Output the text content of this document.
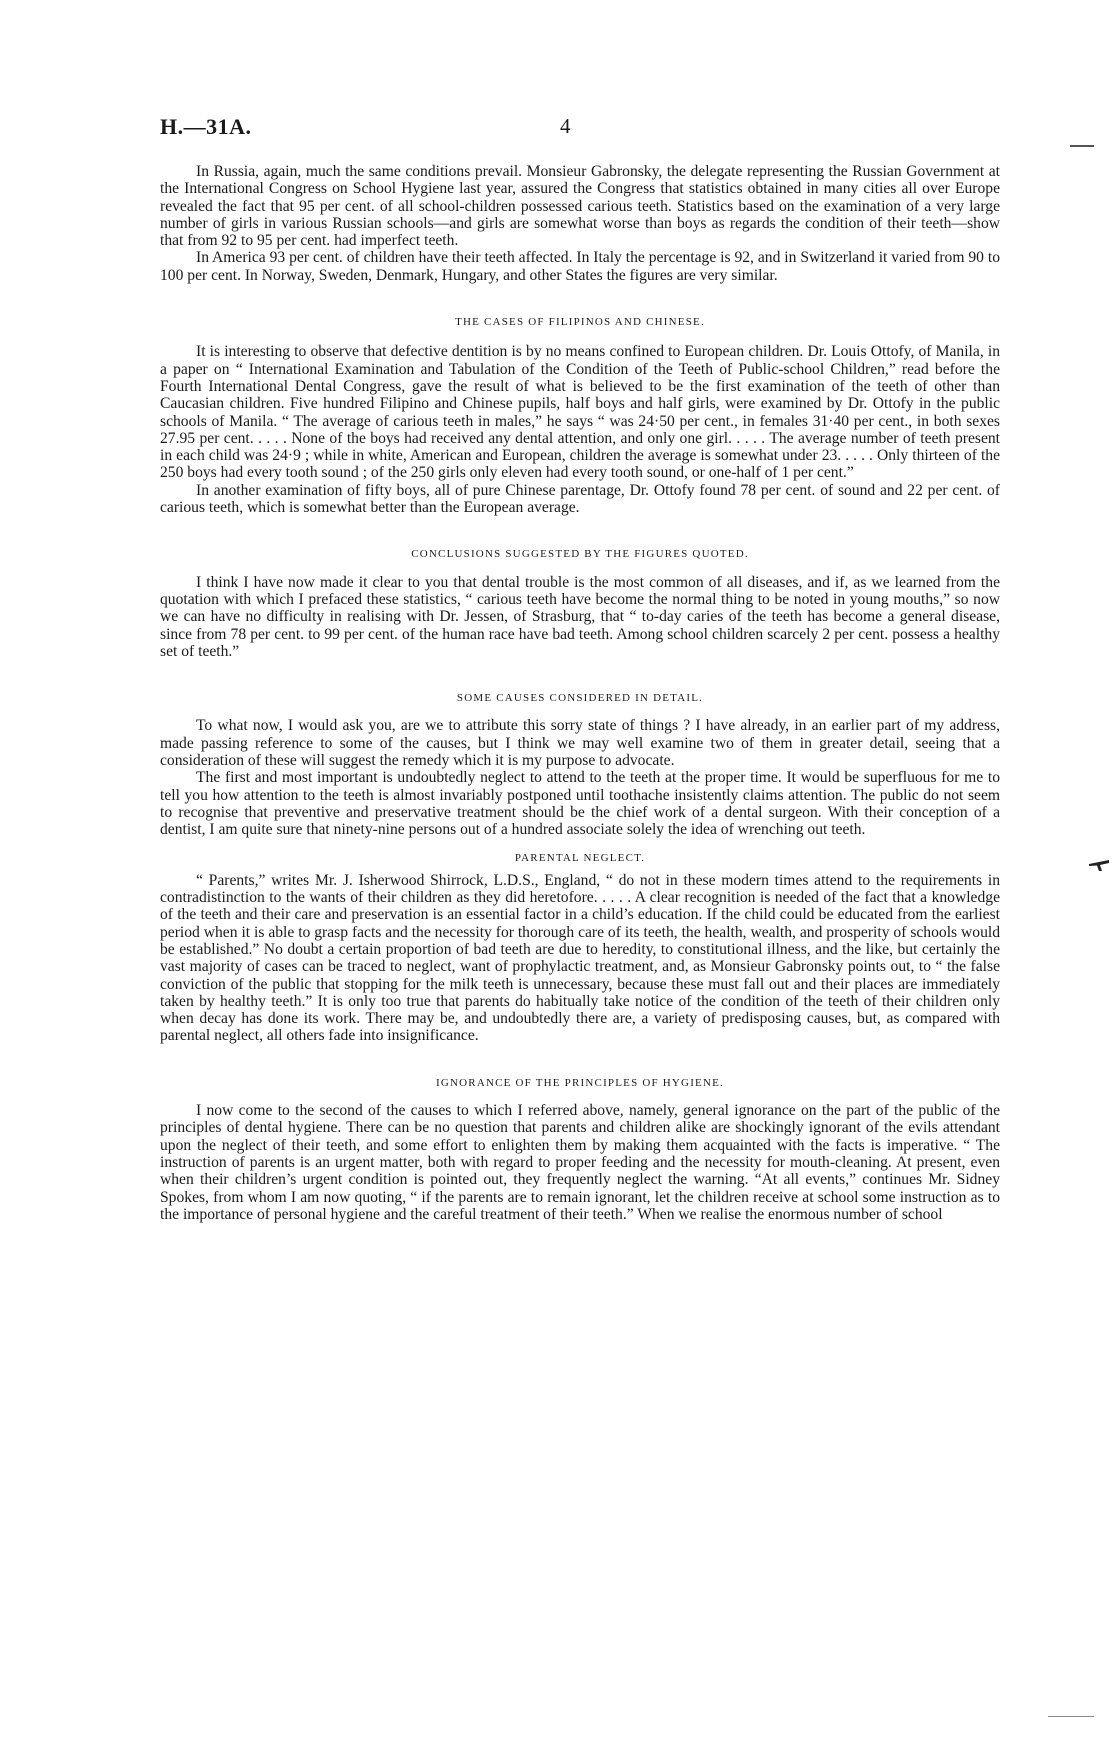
H.—31A.	4

In Russia, again, much the same conditions prevail. Monsieur Gabronsky, the delegate representing the Russian Government at the International Congress on School Hygiene last year, assured the Congress that statistics obtained in many cities all over Europe revealed the fact that 95 per cent. of all school-children possessed carious teeth. Statistics based on the examination of a very large number of girls in various Russian schools—and girls are somewhat worse than boys as regards the condition of their teeth—show that from 92 to 95 per cent. had imperfect teeth.

In America 93 per cent. of children have their teeth affected. In Italy the percentage is 92, and in Switzerland it varied from 90 to 100 per cent. In Norway, Sweden, Denmark, Hungary, and other States the figures are very similar.

THE CASES OF FILIPINOS AND CHINESE.

It is interesting to observe that defective dentition is by no means confined to European children. Dr. Louis Ottofy, of Manila, in a paper on “ International Examination and Tabulation of the Condition of the Teeth of Public-school Children,” read before the Fourth International Dental Congress, gave the result of what is believed to be the first examination of the teeth of other than Caucasian children. Five hundred Filipino and Chinese pupils, half boys and half girls, were examined by Dr. Ottofy in the public schools of Manila. “ The average of carious teeth in males,” he says “ was 24·50 per cent., in females 31·40 per cent., in both sexes 27.95 per cent. . . . . None of the boys had received any dental attention, and only one girl. . . . . The average number of teeth present in each child was 24·9 ; while in white, American and European, children the average is somewhat under 23. . . . . Only thirteen of the 250 boys had every tooth sound ; of the 250 girls only eleven had every tooth sound, or one-half of 1 per cent.”

In another examination of fifty boys, all of pure Chinese parentage, Dr. Ottofy found 78 per cent. of sound and 22 per cent. of carious teeth, which is somewhat better than the European average.

CONCLUSIONS SUGGESTED BY THE FIGURES QUOTED.

I think I have now made it clear to you that dental trouble is the most common of all diseases, and if, as we learned from the quotation with which I prefaced these statistics, “ carious teeth have become the normal thing to be noted in young mouths,” so now we can have no difficulty in realising with Dr. Jessen, of Strasburg, that “ to-day caries of the teeth has become a general disease, since from 78 per cent. to 99 per cent. of the human race have bad teeth. Among school children scarcely 2 per cent. possess a healthy set of teeth.”

SOME CAUSES CONSIDERED IN DETAIL.

To what now, I would ask you, are we to attribute this sorry state of things ? I have already, in an earlier part of my address, made passing reference to some of the causes, but I think we may well examine two of them in greater detail, seeing that a consideration of these will suggest the remedy which it is my purpose to advocate.

The first and most important is undoubtedly neglect to attend to the teeth at the proper time. It would be superfluous for me to tell you how attention to the teeth is almost invariably postponed until toothache insistently claims attention. The public do not seem to recognise that preventive and preservative treatment should be the chief work of a dental surgeon. With their conception of a dentist, I am quite sure that ninety-nine persons out of a hundred associate solely the idea of wrenching out teeth.

PARENTAL NEGLECT.

“ Parents,” writes Mr. J. Isherwood Shirrock, L.D.S., England, “ do not in these modern times attend to the requirements in contradistinction to the wants of their children as they did heretofore. . . . . A clear recognition is needed of the fact that a knowledge of the teeth and their care and preservation is an essential factor in a child’s education. If the child could be educated from the earliest period when it is able to grasp facts and the necessity for thorough care of its teeth, the health, wealth, and prosperity of schools would be established.” No doubt a certain proportion of bad teeth are due to heredity, to constitutional illness, and the like, but certainly the vast majority of cases can be traced to neglect, want of prophylactic treatment, and, as Monsieur Gabronsky points out, to “ the false conviction of the public that stopping for the milk teeth is unnecessary, because these must fall out and their places are immediately taken by healthy teeth.” It is only too true that parents do habitually take notice of the condition of the teeth of their children only when decay has done its work. There may be, and undoubtedly there are, a variety of predisposing causes, but, as compared with parental neglect, all others fade into insignificance.

IGNORANCE OF THE PRINCIPLES OF HYGIENE.

I now come to the second of the causes to which I referred above, namely, general ignorance on the part of the public of the principles of dental hygiene. There can be no question that parents and children alike are shockingly ignorant of the evils attendant upon the neglect of their teeth, and some effort to enlighten them by making them acquainted with the facts is imperative. “ The instruction of parents is an urgent matter, both with regard to proper feeding and the necessity for mouth-cleaning. At present, even when their children’s urgent condition is pointed out, they frequently neglect the warning. “At all events,” continues Mr. Sidney Spokes, from whom I am now quoting, “ if the parents are to remain ignorant, let the children receive at school some instruction as to the importance of personal hygiene and the careful treatment of their teeth.” When we realise the enormous number of school
